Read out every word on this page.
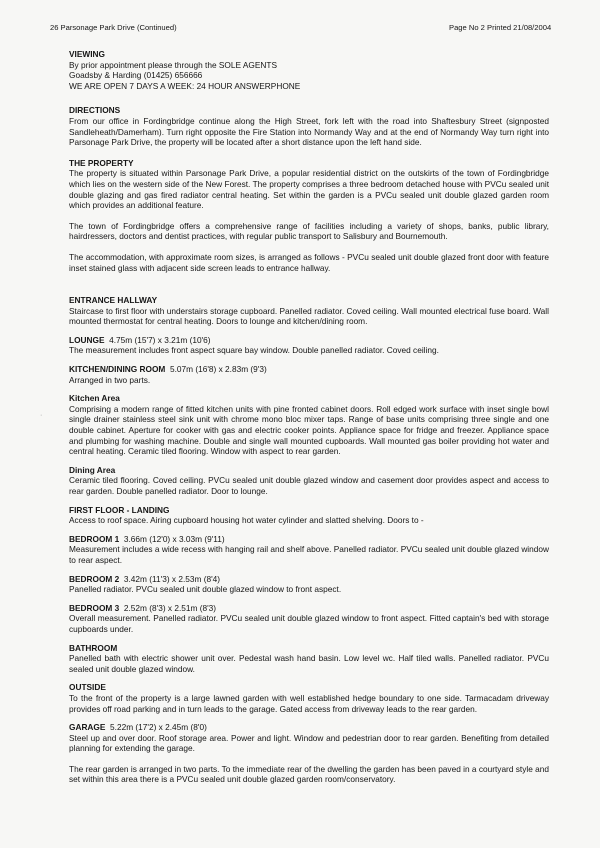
26 Parsonage Park Drive (Continued)	Page No 2 Printed 21/08/2004
·
VIEWING
By prior appointment please through the SOLE AGENTS
Goadsby & Harding (01425) 656666
WE ARE OPEN 7 DAYS A WEEK: 24 HOUR ANSWERPHONE
DIRECTIONS
From our office in Fordingbridge continue along the High Street, fork left with the road into Shaftesbury Street (signposted Sandleheath/Damerham). Turn right opposite the Fire Station into Normandy Way and at the end of Normandy Way turn right into Parsonage Park Drive, the property will be located after a short distance upon the left hand side.
THE PROPERTY
The property is situated within Parsonage Park Drive, a popular residential district on the outskirts of the town of Fordingbridge which lies on the western side of the New Forest. The property comprises a three bedroom detached house with PVCu sealed unit double glazing and gas fired radiator central heating. Set within the garden is a PVCu sealed unit double glazed garden room which provides an additional feature.
The town of Fordingbridge offers a comprehensive range of facilities including a variety of shops, banks, public library, hairdressers, doctors and dentist practices, with regular public transport to Salisbury and Bournemouth.
The accommodation, with approximate room sizes, is arranged as follows - PVCu sealed unit double glazed front door with feature inset stained glass with adjacent side screen leads to entrance hallway.
ENTRANCE HALLWAY
Staircase to first floor with understairs storage cupboard. Panelled radiator. Coved ceiling. Wall mounted electrical fuse board. Wall mounted thermostat for central heating. Doors to lounge and kitchen/dining room.
LOUNGE 4.75m (15'7) x 3.21m (10'6)
The measurement includes front aspect square bay window. Double panelled radiator. Coved ceiling.
KITCHEN/DINING ROOM 5.07m (16'8) x 2.83m (9'3)
Arranged in two parts.
Kitchen Area
Comprising a modern range of fitted kitchen units with pine fronted cabinet doors. Roll edged work surface with inset single bowl single drainer stainless steel sink unit with chrome mono bloc mixer taps. Range of base units comprising three single and one double cabinet. Aperture for cooker with gas and electric cooker points. Appliance space for fridge and freezer. Appliance space and plumbing for washing machine. Double and single wall mounted cupboards. Wall mounted gas boiler providing hot water and central heating. Ceramic tiled flooring. Window with aspect to rear garden.
Dining Area
Ceramic tiled flooring. Coved ceiling. PVCu sealed unit double glazed window and casement door provides aspect and access to rear garden. Double panelled radiator. Door to lounge.
FIRST FLOOR - LANDING
Access to roof space. Airing cupboard housing hot water cylinder and slatted shelving. Doors to -
BEDROOM 1 3.66m (12'0) x 3.03m (9'11)
Measurement includes a wide recess with hanging rail and shelf above. Panelled radiator. PVCu sealed unit double glazed window to rear aspect.
BEDROOM 2 3.42m (11'3) x 2.53m (8'4)
Panelled radiator. PVCu sealed unit double glazed window to front aspect.
BEDROOM 3 2.52m (8'3) x 2.51m (8'3)
Overall measurement. Panelled radiator. PVCu sealed unit double glazed window to front aspect. Fitted captain's bed with storage cupboards under.
BATHROOM
Panelled bath with electric shower unit over. Pedestal wash hand basin. Low level wc. Half tiled walls. Panelled radiator. PVCu sealed unit double glazed window.
OUTSIDE
To the front of the property is a large lawned garden with well established hedge boundary to one side. Tarmacadam driveway provides off road parking and in turn leads to the garage. Gated access from driveway leads to the rear garden.
GARAGE 5.22m (17'2) x 2.45m (8'0)
Steel up and over door. Roof storage area. Power and light. Window and pedestrian door to rear garden. Benefiting from detailed planning for extending the garage.
The rear garden is arranged in two parts. To the immediate rear of the dwelling the garden has been paved in a courtyard style and set within this area there is a PVCu sealed unit double glazed garden room/conservatory.
